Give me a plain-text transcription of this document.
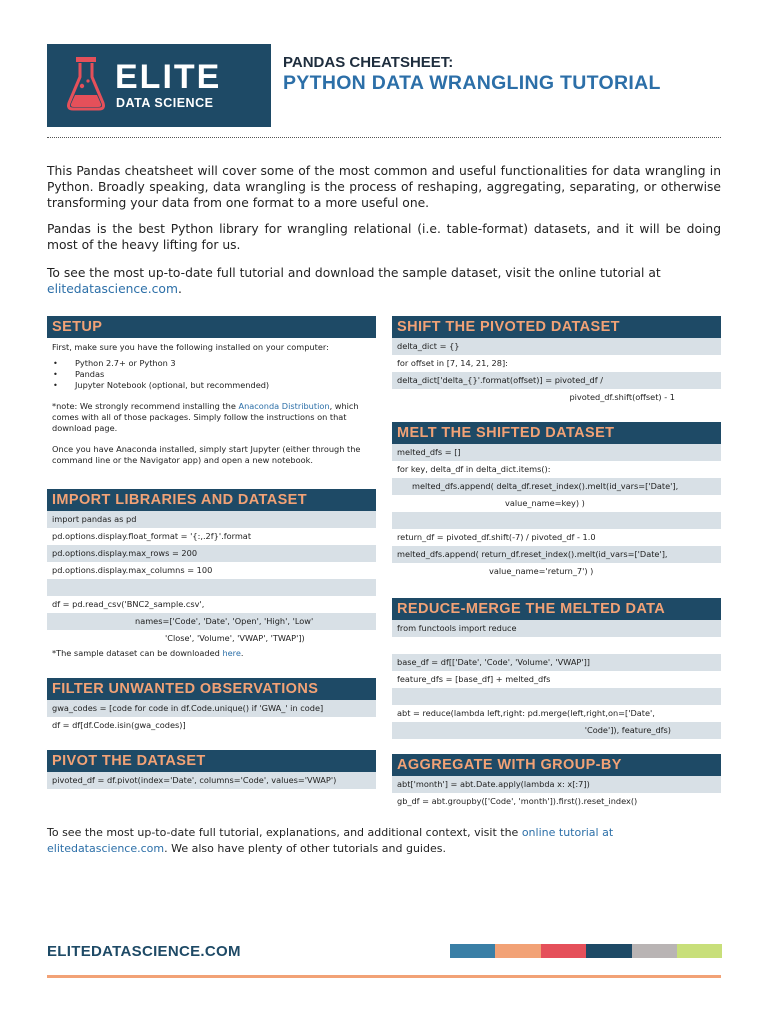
ELITE
DATA SCIENCE
PANDAS CHEATSHEET:
PYTHON DATA WRANGLING TUTORIAL
This Pandas cheatsheet will cover some of the most common and useful functionalities for data wrangling in Python. Broadly speaking, data wrangling is the process of reshaping, aggregating, separating, or otherwise transforming your data from one format to a more useful one.
Pandas is the best Python library for wrangling relational (i.e. table-format) datasets, and it will be doing most of the heavy lifting for us.
To see the most up-to-date full tutorial and download the sample dataset, visit the online tutorial at
elitedatascience.com.
SETUP
First, make sure you have the following installed on your computer:
• Python 2.7+ or Python 3
• Pandas
• Jupyter Notebook (optional, but recommended)
*note: We strongly recommend installing the Anaconda Distribution, which comes with all of those packages. Simply follow the instructions on that download page.
Once you have Anaconda installed, simply start Jupyter (either through the command line or the Navigator app) and open a new notebook.
IMPORT LIBRARIES AND DATASET
import pandas as pd
pd.options.display.float_format = '{:,.2f}'.format
pd.options.display.max_rows = 200
pd.options.display.max_columns = 100
df = pd.read_csv('BNC2_sample.csv',
names=['Code', 'Date', 'Open', 'High', 'Low'
'Close', 'Volume', 'VWAP', 'TWAP'])
*The sample dataset can be downloaded here.
FILTER UNWANTED OBSERVATIONS
gwa_codes = [code for code in df.Code.unique() if 'GWA_' in code]
df = df[df.Code.isin(gwa_codes)]
PIVOT THE DATASET
pivoted_df = df.pivot(index='Date', columns='Code', values='VWAP')
SHIFT THE PIVOTED DATASET
delta_dict = {}
for offset in [7, 14, 21, 28]:
delta_dict['delta_{}'.format(offset)] = pivoted_df /
pivoted_df.shift(offset) - 1
MELT THE SHIFTED DATASET
melted_dfs = []
for key, delta_df in delta_dict.items():
melted_dfs.append( delta_df.reset_index().melt(id_vars=['Date'],
value_name=key) )
return_df = pivoted_df.shift(-7) / pivoted_df - 1.0
melted_dfs.append( return_df.reset_index().melt(id_vars=['Date'],
value_name='return_7') )
REDUCE-MERGE THE MELTED DATA
from functools import reduce
base_df = df[['Date', 'Code', 'Volume', 'VWAP']]
feature_dfs = [base_df] + melted_dfs
abt = reduce(lambda left,right: pd.merge(left,right,on=['Date',
'Code']), feature_dfs)
AGGREGATE WITH GROUP-BY
abt['month'] = abt.Date.apply(lambda x: x[:7])
gb_df = abt.groupby(['Code', 'month']).first().reset_index()
To see the most up-to-date full tutorial, explanations, and additional context, visit the online tutorial at elitedatascience.com. We also have plenty of other tutorials and guides.
ELITEDATASCIENCE.COM
